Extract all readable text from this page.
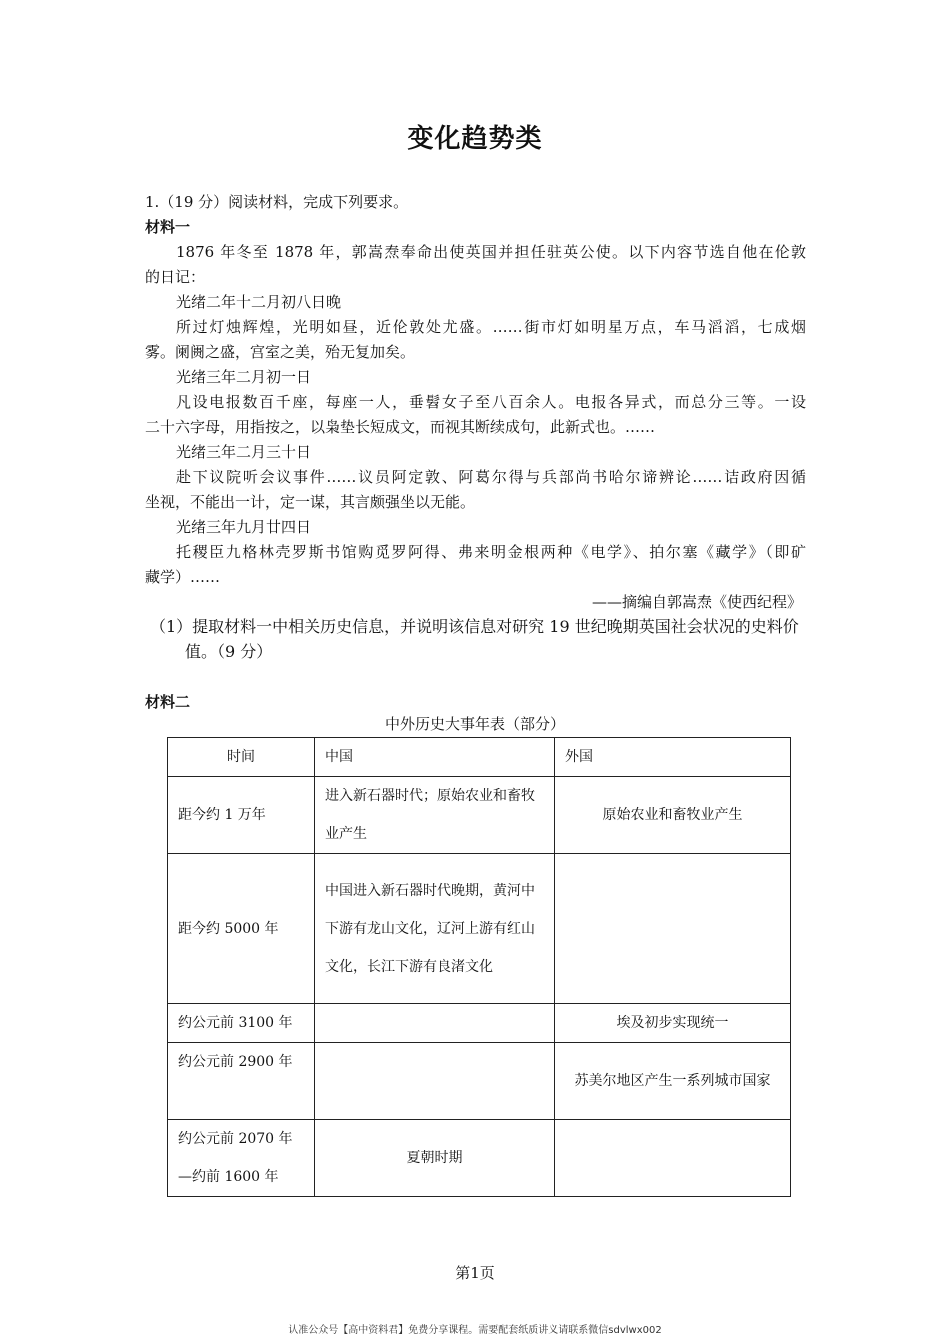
变化趋势类
1.（19 分）阅读材料，完成下列要求。
材料一
1876 年冬至 1878 年，郭嵩焘奉命出使英国并担任驻英公使。以下内容节选自他在伦敦
的日记：
光绪二年十二月初八日晚
所过灯烛辉煌，光明如昼，近伦敦处尤盛。……街市灯如明星万点，车马滔滔，七成烟
雾。阑阓之盛，宫室之美，殆无复加矣。
光绪三年二月初一日
凡设电报数百千座，每座一人，垂髫女子至八百余人。电报各异式，而总分三等。一设
二十六字母，用指按之，以枭垫长短成文，而视其断续成句，此新式也。……
光绪三年二月三十日
赴下议院听会议事件……议员阿定敦、阿葛尔得与兵部尚书哈尔谛辨论……诘政府因循
坐视，不能出一计，定一谋，其言颇强坐以无能。
光绪三年九月廿四日
托稷臣九格林壳罗斯书馆购觅罗阿得、弗来明金根两种《电学》、拍尔塞《藏学》（即矿
藏学）……
——摘编自郭嵩焘《使西纪程》
（1）提取材料一中相关历史信息，并说明该信息对研究 19 世纪晚期英国社会状况的史料价
值。（9 分）
材料二
中外历史大事年表（部分）
时间	中国	外国
距今约 1 万年	进入新石器时代；原始农业和畜牧业产生	原始农业和畜牧业产生
距今约 5000 年	中国进入新石器时代晚期，黄河中下游有龙山文化，辽河上游有红山文化，长江下游有良渚文化	
约公元前 3100 年		埃及初步实现统一
约公元前 2900 年		苏美尔地区产生一系列城市国家
约公元前 2070 年—约前 1600 年	夏朝时期	
第1页
认准公众号【高中资料君】免费分享课程。需要配套纸质讲义请联系微信sdvlwx002
